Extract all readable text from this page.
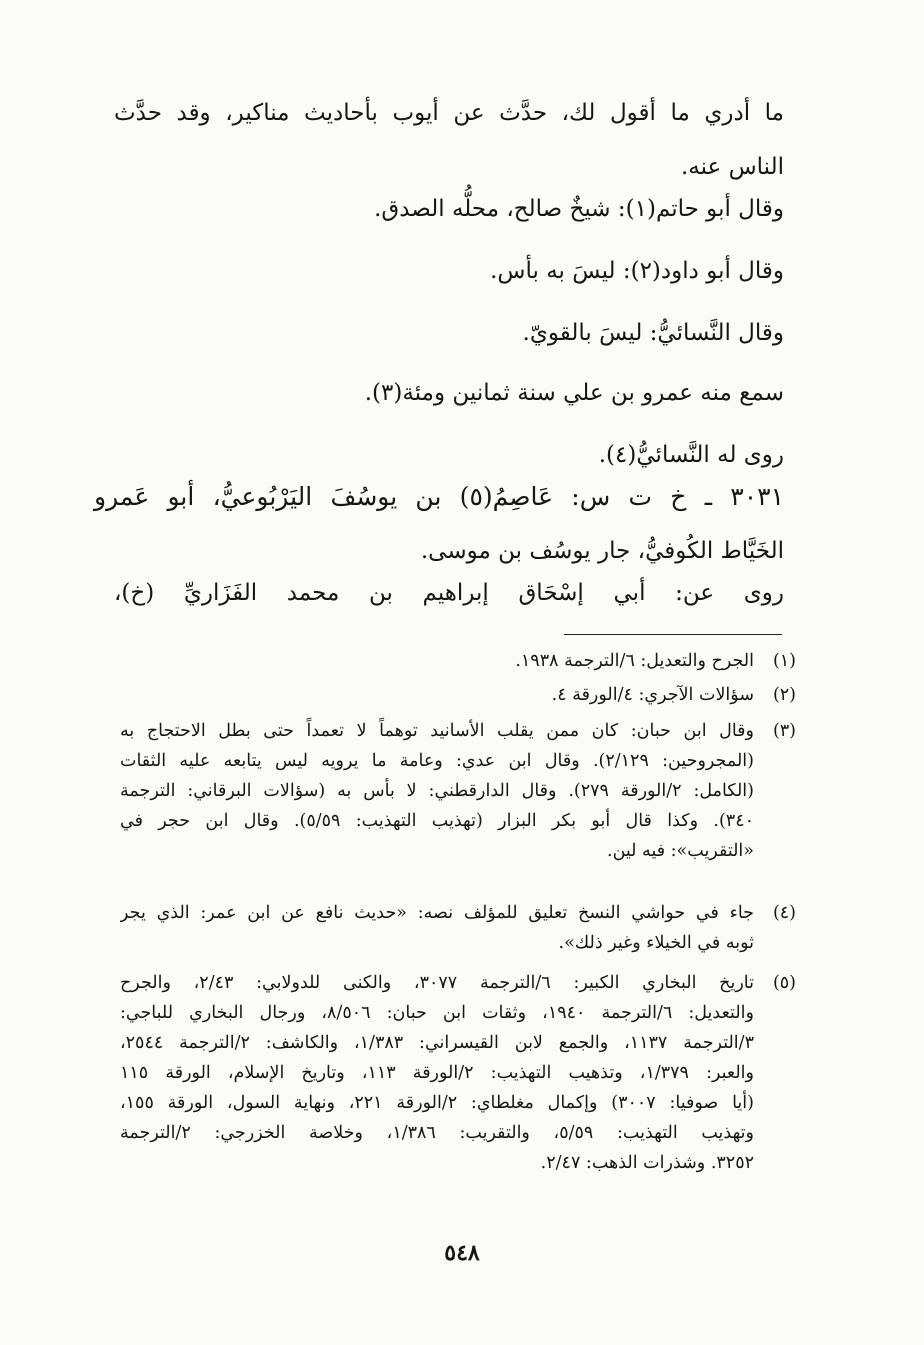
ما أدري ما أقول لك، حدَّث عن أيوب بأحاديث مناكير، وقد حدَّث
الناس عنه.
وقال أبو حاتم(١): شيخٌ صالح، محلُّه الصدق.
وقال أبو داود(٢): ليسَ به بأس.
وقال النَّسائيُّ: ليسَ بالقويّ.
سمع منه عمرو بن علي سنة ثمانين ومئة(٣).
روى له النَّسائيُّ(٤).
٣٠٣١ ـ خ ت س: عَاصِمُ(٥) بن يوسُفَ اليَرْبُوعيُّ، أبو عَمرو
الخَيَّاط الكُوفيُّ، جار يوسُف بن موسى.
روى عن: أبي إسْحَاق إبراهيم بن محمد الفَزَاريِّ (خ)،
(١)
الجرح والتعديل: ٦/الترجمة ١٩٣٨.
(٢)
سؤالات الآجري: ٤/الورقة ٤.
(٣)
وقال ابن حبان: كان ممن يقلب الأسانيد توهماً لا تعمداً حتى بطل الاحتجاج به
(المجروحين: ٢/١٢٩). وقال ابن عدي: وعامة ما يرويه ليس يتابعه عليه الثقات
(الكامل: ٢/الورقة ٢٧٩). وقال الدارقطني: لا بأس به (سؤالات البرقاني: الترجمة
٣٤٠). وكذا قال أبو بكر البزار (تهذيب التهذيب: ٥/٥٩). وقال ابن حجر في
«التقريب»: فيه لين.
(٤)
جاء في حواشي النسخ تعليق للمؤلف نصه: «حديث نافع عن ابن عمر: الذي يجر
ثوبه في الخيلاء وغير ذلك».
(٥)
تاريخ البخاري الكبير: ٦/الترجمة ٣٠٧٧، والكنى للدولابي: ٢/٤٣، والجرح
والتعديل: ٦/الترجمة ١٩٤٠، وثقات ابن حبان: ٨/٥٠٦، ورجال البخاري للباجي:
٣/الترجمة ١١٣٧، والجمع لابن القيسراني: ١/٣٨٣، والكاشف: ٢/الترجمة ٢٥٤٤،
والعبر: ١/٣٧٩، وتذهيب التهذيب: ٢/الورقة ١١٣، وتاريخ الإسلام، الورقة ١١٥
(أيا صوفيا: ٣٠٠٧) وإكمال مغلطاي: ٢/الورقة ٢٢١، ونهاية السول، الورقة ١٥٥،
وتهذيب التهذيب: ٥/٥٩، والتقريب: ١/٣٨٦، وخلاصة الخزرجي: ٢/الترجمة
٣٢٥٢. وشذرات الذهب: ٢/٤٧.
٥٤٨
